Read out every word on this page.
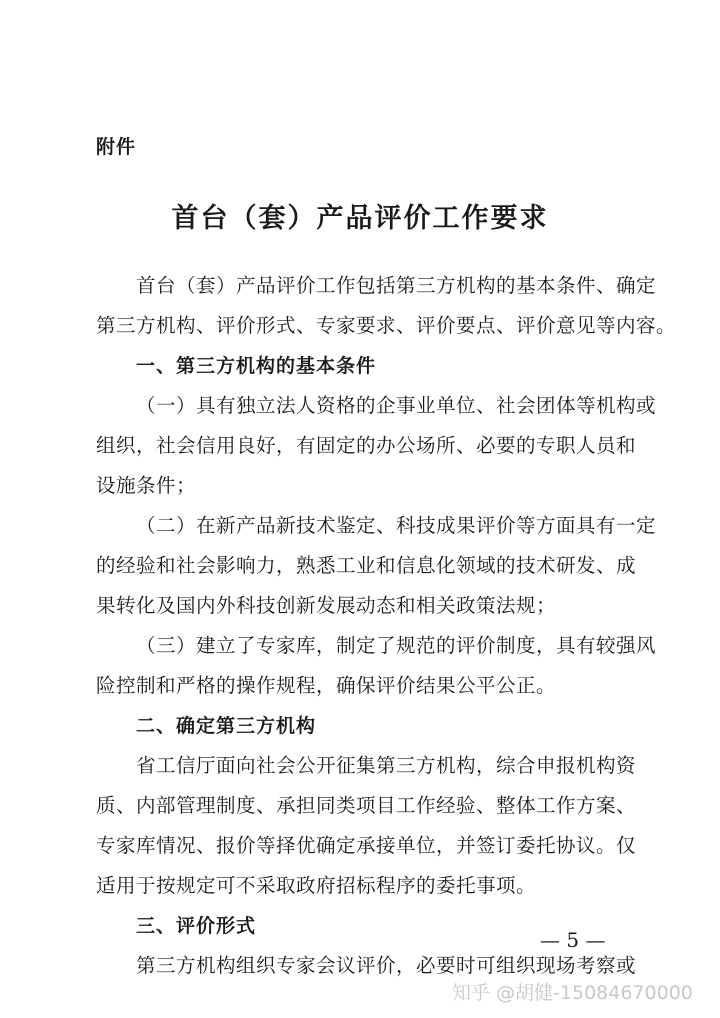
附件
首台（套）产品评价工作要求
首台（套）产品评价工作包括第三方机构的基本条件、确定
第三方机构、评价形式、专家要求、评价要点、评价意见等内容。
一、第三方机构的基本条件
（一）具有独立法人资格的企事业单位、社会团体等机构或
组织，社会信用良好，有固定的办公场所、必要的专职人员和
设施条件；
（二）在新产品新技术鉴定、科技成果评价等方面具有一定
的经验和社会影响力，熟悉工业和信息化领域的技术研发、成
果转化及国内外科技创新发展动态和相关政策法规；
（三）建立了专家库，制定了规范的评价制度，具有较强风
险控制和严格的操作规程，确保评价结果公平公正。
二、确定第三方机构
省工信厅面向社会公开征集第三方机构，综合申报机构资
质、内部管理制度、承担同类项目工作经验、整体工作方案、
专家库情况、报价等择优确定承接单位，并签订委托协议。仅
适用于按规定可不采取政府招标程序的委托事项。
三、评价形式
第三方机构组织专家会议评价，必要时可组织现场考察或
— 5 —
知乎 @胡健-15084670000
